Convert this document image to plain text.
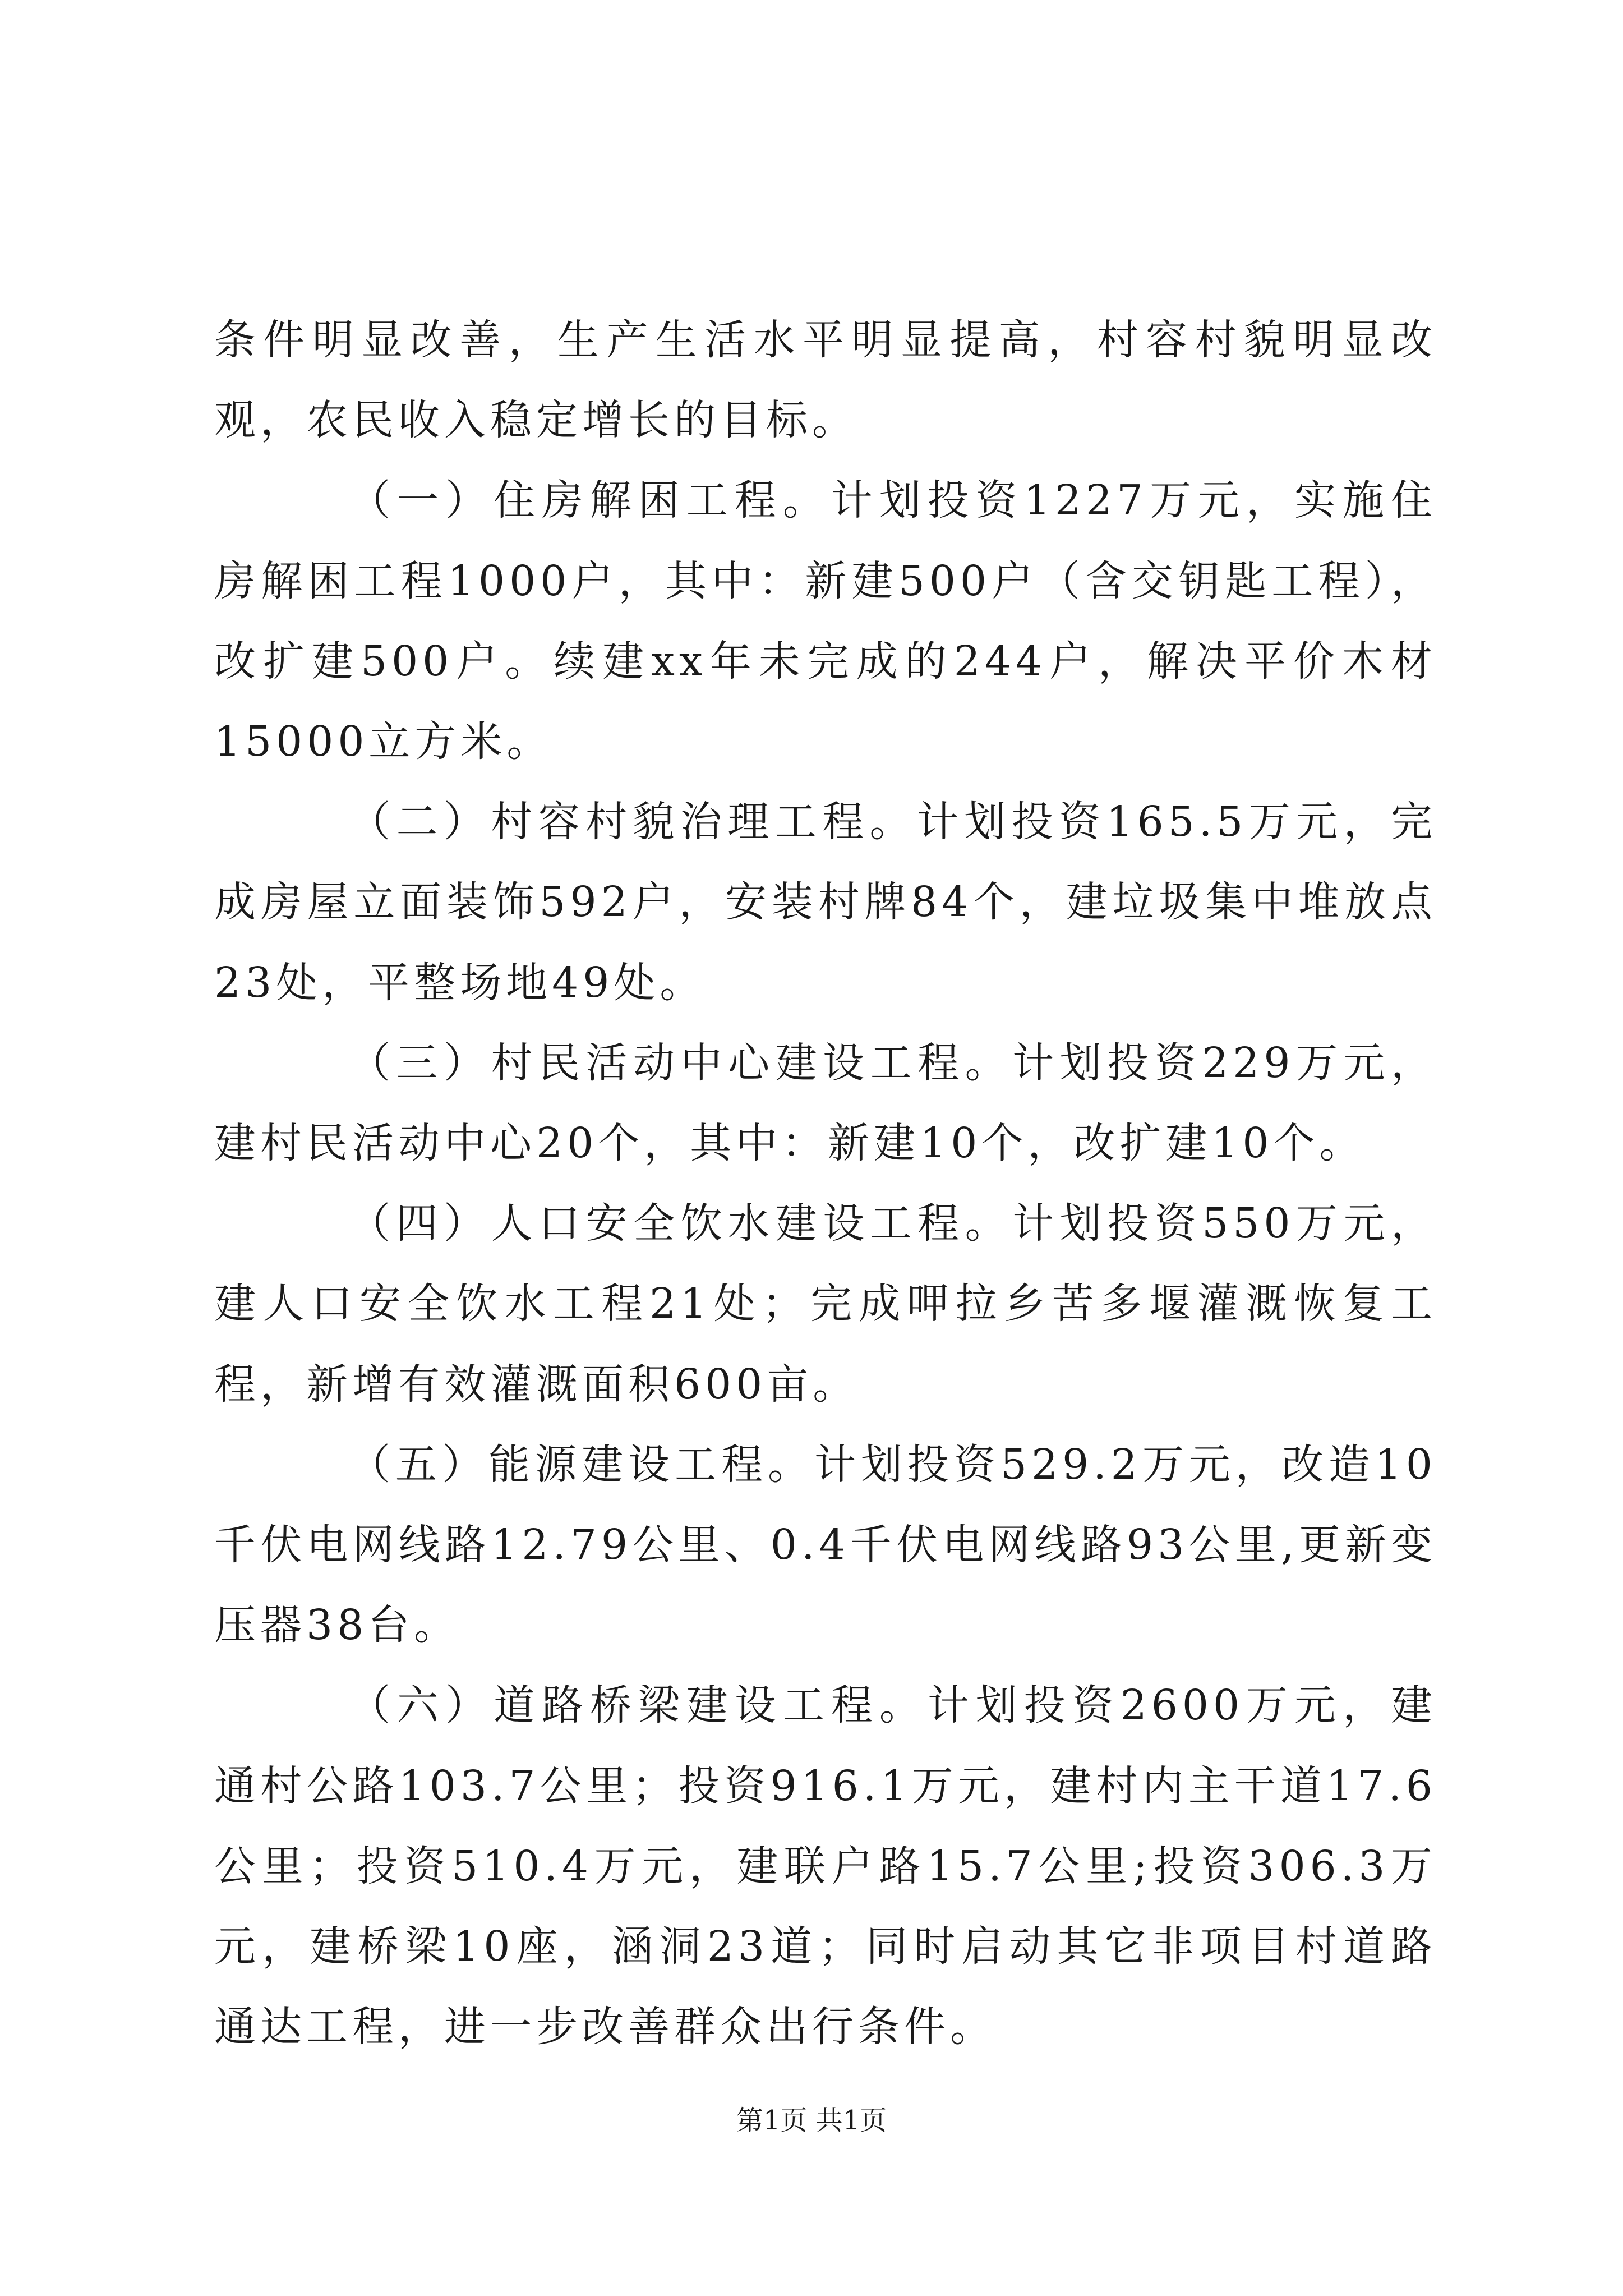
条件明显改善，生产生活水平明显提高，村容村貌明显改观，农民收入稳定增长的目标。

（一）住房解困工程。计划投资1227万元，实施住房解困工程1000户，其中：新建500户（含交钥匙工程），改扩建500户。续建xx年未完成的244户，解决平价木材15000立方米。

（二）村容村貌治理工程。计划投资165.5万元，完成房屋立面装饰592户，安装村牌84个，建垃圾集中堆放点23处，平整场地49处。

（三）村民活动中心建设工程。计划投资229万元，建村民活动中心20个，其中：新建10个，改扩建10个。

（四）人口安全饮水建设工程。计划投资550万元，建人口安全饮水工程21处；完成呷拉乡苦多堰灌溉恢复工程，新增有效灌溉面积600亩。

（五）能源建设工程。计划投资529.2万元，改造10千伏电网线路12.79公里、0.4千伏电网线路93公里,更新变压器38台。

（六）道路桥梁建设工程。计划投资2600万元，建通村公路103.7公里；投资916.1万元，建村内主干道17.6公里；投资510.4万元，建联户路15.7公里;投资306.3万元，建桥梁10座，涵洞23道；同时启动其它非项目村道路通达工程，进一步改善群众出行条件。

第1页 共1页
